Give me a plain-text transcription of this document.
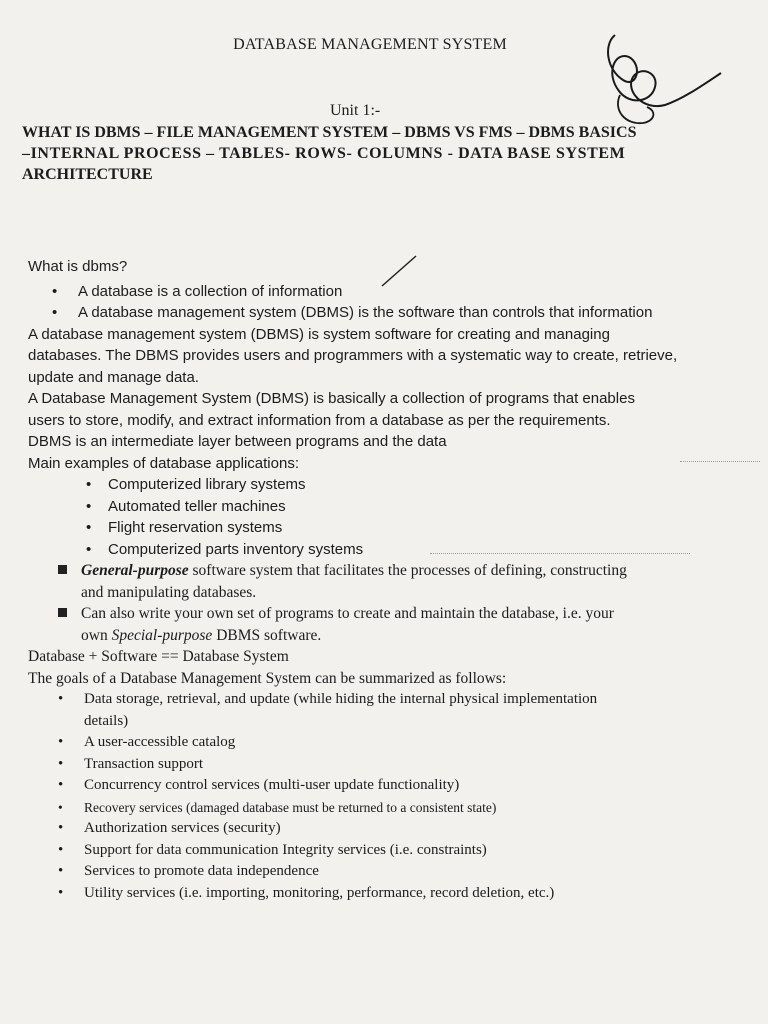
DATABASE MANAGEMENT SYSTEM
Unit 1:-
WHAT IS DBMS – FILE MANAGEMENT SYSTEM – DBMS VS FMS – DBMS BASICS
–INTERNAL PROCESS – TABLES- ROWS- COLUMNS - DATA BASE SYSTEM
ARCHITECTURE
What is dbms?
• A database is a collection of information
• A database management system (DBMS) is the software than controls that information
A database management system (DBMS) is system software for creating and managing
databases. The DBMS provides users and programmers with a systematic way to create, retrieve,
update and manage data.
A Database Management System (DBMS) is basically a collection of programs that enables
users to store, modify, and extract information from a database as per the requirements.
DBMS is an intermediate layer between programs and the data
Main examples of database applications:
• Computerized library systems
• Automated teller machines
• Flight reservation systems
• Computerized parts inventory systems
General-purpose software system that facilitates the processes of defining, constructing
and manipulating databases.
Can also write your own set of programs to create and maintain the database, i.e. your
own Special-purpose DBMS software.
Database + Software == Database System
The goals of a Database Management System can be summarized as follows:
• Data storage, retrieval, and update (while hiding the internal physical implementation
details)
• A user-accessible catalog
• Transaction support
• Concurrency control services (multi-user update functionality)
• Recovery services (damaged database must be returned to a consistent state)
• Authorization services (security)
• Support for data communication Integrity services (i.e. constraints)
• Services to promote data independence
• Utility services (i.e. importing, monitoring, performance, record deletion, etc.)
